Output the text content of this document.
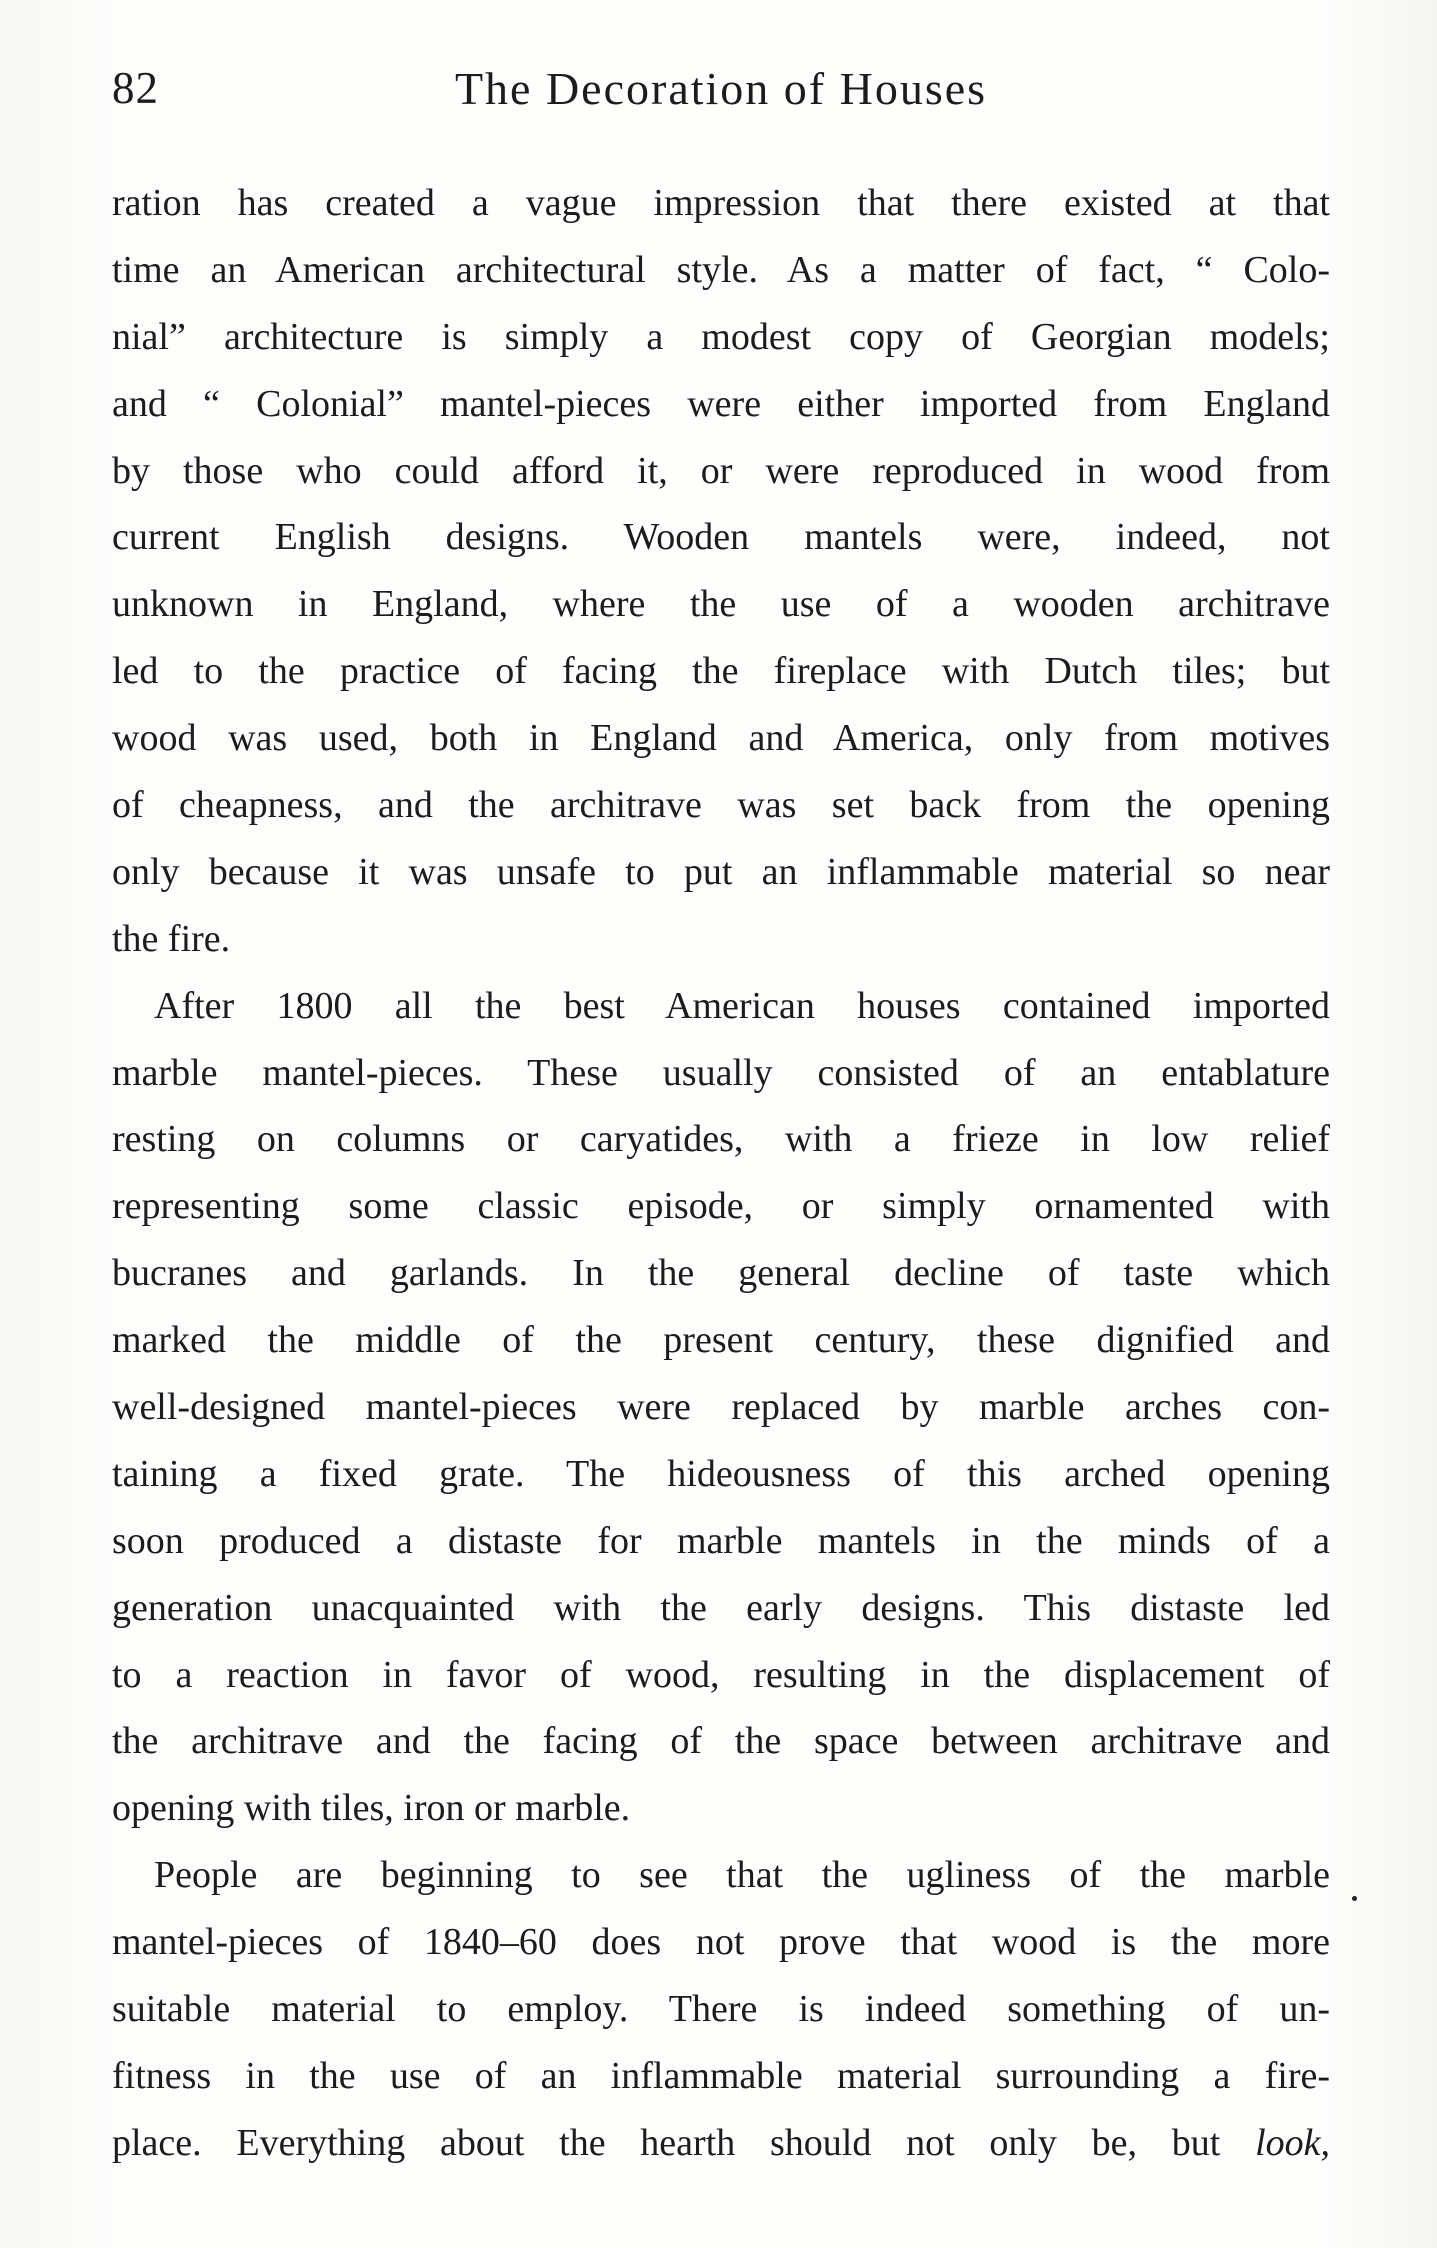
82	The Decoration of Houses
ration has created a vague impression that there existed at that
time an American architectural style. As a matter of fact, “ Colo-
nial” architecture is simply a modest copy of Georgian models;
and “ Colonial” mantel-pieces were either imported from England
by those who could afford it, or were reproduced in wood from
current English designs. Wooden mantels were, indeed, not
unknown in England, where the use of a wooden architrave
led to the practice of facing the fireplace with Dutch tiles; but
wood was used, both in England and America, only from motives
of cheapness, and the architrave was set back from the opening
only because it was unsafe to put an inflammable material so near
the fire.
After 1800 all the best American houses contained imported
marble mantel-pieces. These usually consisted of an entablature
resting on columns or caryatides, with a frieze in low relief
representing some classic episode, or simply ornamented with
bucranes and garlands. In the general decline of taste which
marked the middle of the present century, these dignified and
well-designed mantel-pieces were replaced by marble arches con-
taining a fixed grate. The hideousness of this arched opening
soon produced a distaste for marble mantels in the minds of a
generation unacquainted with the early designs. This distaste led
to a reaction in favor of wood, resulting in the displacement of
the architrave and the facing of the space between architrave and
opening with tiles, iron or marble.
People are beginning to see that the ugliness of the marble
mantel-pieces of 1840–60 does not prove that wood is the more
suitable material to employ. There is indeed something of un-
fitness in the use of an inflammable material surrounding a fire-
place. Everything about the hearth should not only be, but look,
